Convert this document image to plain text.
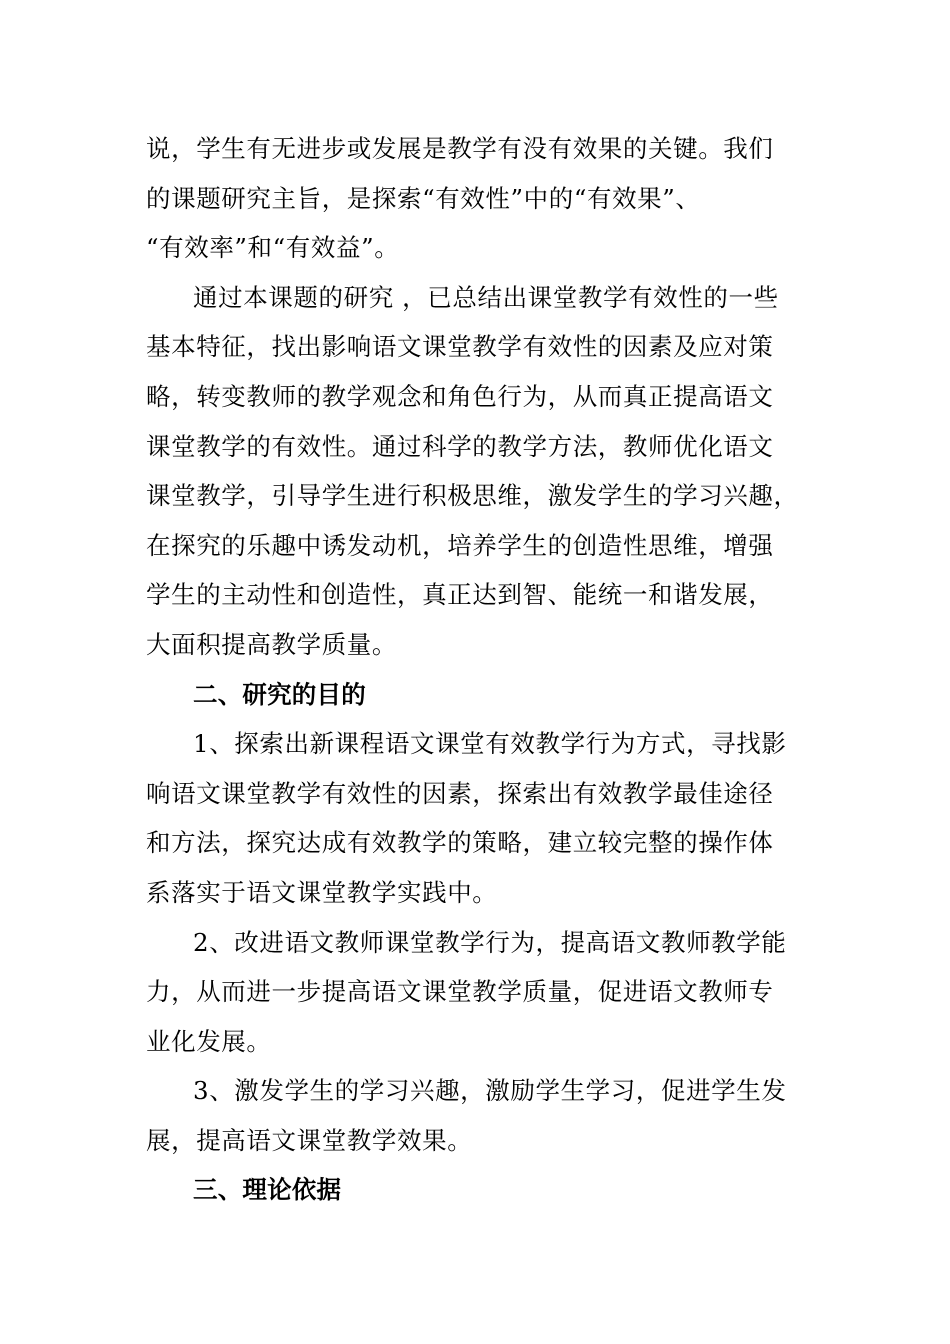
说，学生有无进步或发展是教学有没有效果的关键。我们
的课题研究主旨，是探索“有效性”中的“有效果”、
“有效率”和“有效益”。

通过本课题的研究 ，已总结出课堂教学有效性的一些
基本特征，找出影响语文课堂教学有效性的因素及应对策
略，转变教师的教学观念和角色行为，从而真正提高语文
课堂教学的有效性。通过科学的教学方法，教师优化语文
课堂教学，引导学生进行积极思维，激发学生的学习兴趣，
在探究的乐趣中诱发动机，培养学生的创造性思维，增强
学生的主动性和创造性，真正达到智、能统一和谐发展，
大面积提高教学质量。

二、研究的目的

1、探索出新课程语文课堂有效教学行为方式，寻找影
响语文课堂教学有效性的因素，探索出有效教学最佳途径
和方法，探究达成有效教学的策略，建立较完整的操作体
系落实于语文课堂教学实践中。

2、改进语文教师课堂教学行为，提高语文教师教学能
力，从而进一步提高语文课堂教学质量，促进语文教师专
业化发展。

3、激发学生的学习兴趣，激励学生学习，促进学生发
展，提高语文课堂教学效果。

三、理论依据
